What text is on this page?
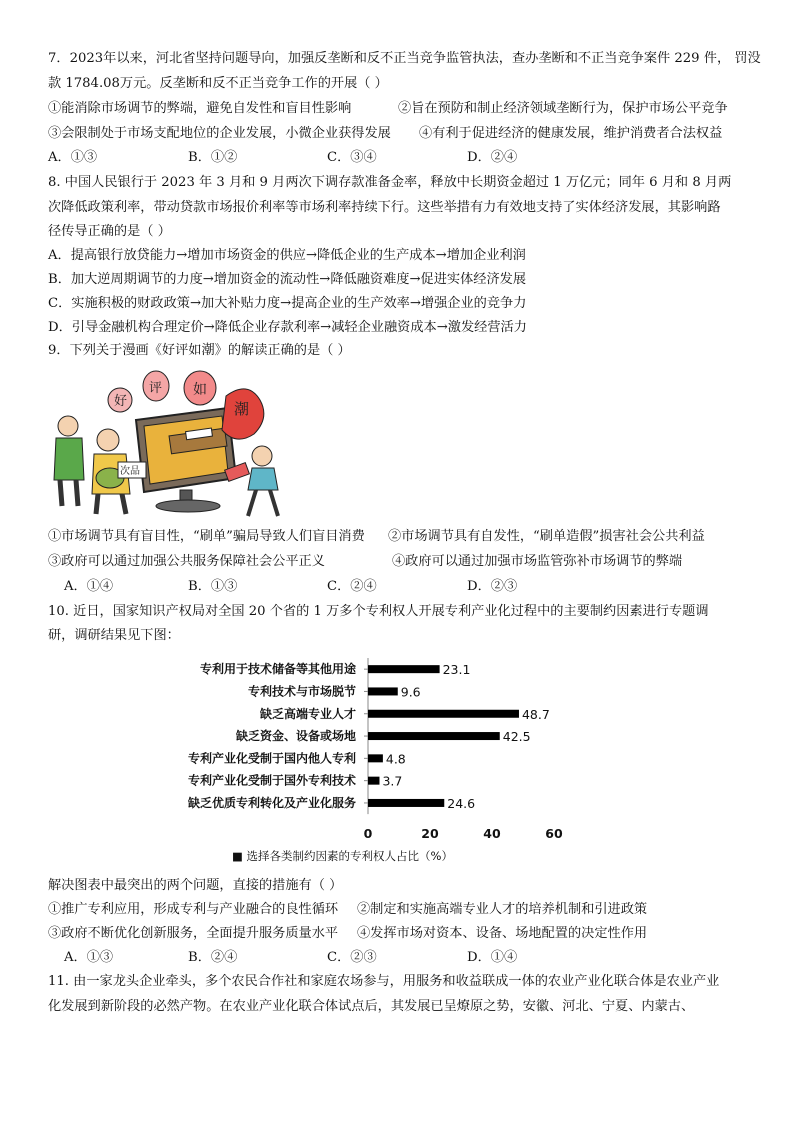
7．2023年以来，河北省坚持问题导向，加强反垄断和反不正当竞争监管执法，查办垄断和不正当竞争案件 229 件， 罚没
款 1784.08万元。反垄断和反不正当竞争工作的开展（ ）
①能消除市场调节的弊端，避免自发性和盲目性影响	②旨在预防和制止经济领域垄断行为，保护市场公平竞争
③会限制处于市场支配地位的企业发展，小微企业获得发展 ④有利于促进经济的健康发展，维护消费者合法权益
A．①③	B．①②	C．③④	D．②④
8. 中国人民银行于 2023 年 3 月和 9 月两次下调存款准备金率，释放中长期资金超过 1 万亿元；同年 6 月和 8 月两
次降低政策利率，带动贷款市场报价利率等市场利率持续下行。这些举措有力有效地支持了实体经济发展，其影响路
径传导正确的是（ ）
A．提高银行放贷能力→增加市场资金的供应→降低企业的生产成本→增加企业利润
B．加大逆周期调节的力度→增加资金的流动性→降低融资难度→促进实体经济发展
C．实施积极的财政政策→加大补贴力度→提高企业的生产效率→增强企业的竞争力
D．引导金融机构合理定价→降低企业存款利率→减轻企业融资成本→激发经营活力
9．下列关于漫画《好评如潮》的解读正确的是（ ）
好
评 如
潮
次品
①市场调节具有盲目性，“刷单”骗局导致人们盲目消费 ②市场调节具有自发性，“刷单造假”损害社会公共利益
③政府可以通过加强公共服务保障社会公平正义	④政府可以通过加强市场监管弥补市场调节的弊端
A．①④	B．①③	C．②④	D．②③
10. 近日，国家知识产权局对全国 20 个省的 1 万多个专利权人开展专利产业化过程中的主要制约因素进行专题调
研，调研结果见下图：
专利用于技术储备等其他用途	23.1
专利技术与市场脱节	9.6
缺乏高端专业人才	48.7
缺乏资金、设备或场地	42.5
专利产业化受制于国内他人专利 4.8
专利产业化受制于国外专利技术 3.7
缺乏优质专利转化及产业化服务	24.6
0	20	40	60
■ 选择各类制约因素的专利权人占比（%）
解决图表中最突出的两个问题，直接的措施有（ ）
①推广专利应用，形成专利与产业融合的良性循环 ②制定和实施高端专业人才的培养机制和引进政策
③政府不断优化创新服务，全面提升服务质量水平 ④发挥市场对资本、设备、场地配置的决定性作用
A．①③	B．②④	C．②③	D．①④
11. 由一家龙头企业牵头，多个农民合作社和家庭农场参与，用服务和收益联成一体的农业产业化联合体是农业产业
化发展到新阶段的必然产物。在农业产业化联合体试点后，其发展已呈燎原之势，安徽、河北、宁夏、内蒙古、
